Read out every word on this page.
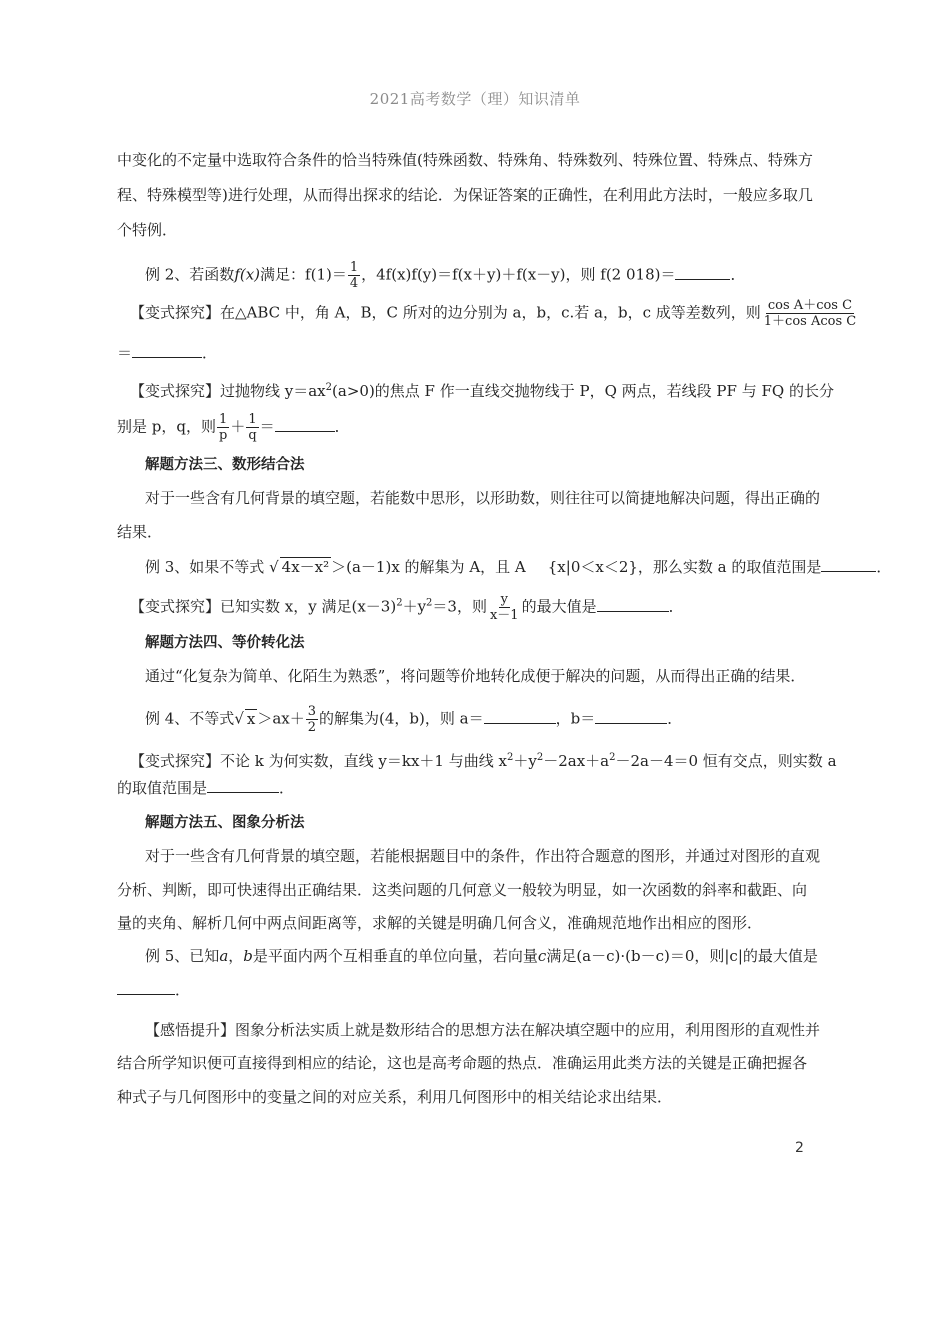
2021高考数学（理）知识清单
中变化的不定量中选取符合条件的恰当特殊值(特殊函数、特殊角、特殊数列、特殊位置、特殊点、特殊方
程、特殊模型等)进行处理，从而得出探求的结论．为保证答案的正确性，在利用此方法时，一般应多取几
个特例．
例 2、若函数f(x)满足：$f(1)= \frac{1}{4}$ ，4f(x)f(y)＝f(x＋y)＋f(x－y)，则 f(2 018)＝	．
【变式探究】在△ABC 中，角 A，B，C 所对的边分别为 a，b，c.若 a，b，c 成等差数列，则 $\frac{\text{cos A＋cos C}}{\text{1＋cos Acos C}}$
＝	．
【变式探究】过抛物线 $y=ax^2(a>0)$的焦点 F 作一直线交抛物线于 P，Q 两点，若线段 PF 与 FQ 的长分
别是 p，q，则 $\frac{1}{p} + \frac{1}{q}$ ＝	．
解题方法三、数形结合法
对于一些含有几何背景的填空题，若能数中思形，以形助数，则往往可以简捷地解决问题，得出正确的
结果．
例 3、如果不等式 √ 4x－x² ＞(a－1)x 的解集为 A，且 A {x|0＜x＜2}，那么实数 a 的取值范围是	．
【变式探究】已知实数 x，y 满足$(x-3)^2+y^2=3$，则 $\frac{y}{x-1}$ 的最大值是	．
解题方法四、等价转化法
通过“化复杂为简单、化陌生为熟悉”，将问题等价地转化成便于解决的问题，从而得出正确的结果．
例 4、不等式√ $x >ax+ \frac{3}{2}$ 的解集为(4，b)，则 a＝	，b＝	．
【变式探究】不论 k 为何实数，直线 y＝kx＋1 与曲线 $x^2+y^2-2ax+a^2-2a-4=0$ 恒有交点，则实数 a
的取值范围是	．
解题方法五、图象分析法
对于一些含有几何背景的填空题，若能根据题目中的条件，作出符合题意的图形，并通过对图形的直观
分析、判断，即可快速得出正确结果．这类问题的几何意义一般较为明显，如一次函数的斜率和截距、向
量的夹角、解析几何中两点间距离等，求解的关键是明确几何含义，准确规范地作出相应的图形．
例 5、已知a，b是平面内两个互相垂直的单位向量，若向量c满足(a－c)·(b－c)＝0，则|c|的最大值是
．
【感悟提升】图象分析法实质上就是数形结合的思想方法在解决填空题中的应用，利用图形的直观性并
结合所学知识便可直接得到相应的结论，这也是高考命题的热点．准确运用此类方法的关键是正确把握各
种式子与几何图形中的变量之间的对应关系，利用几何图形中的相关结论求出结果．
2
